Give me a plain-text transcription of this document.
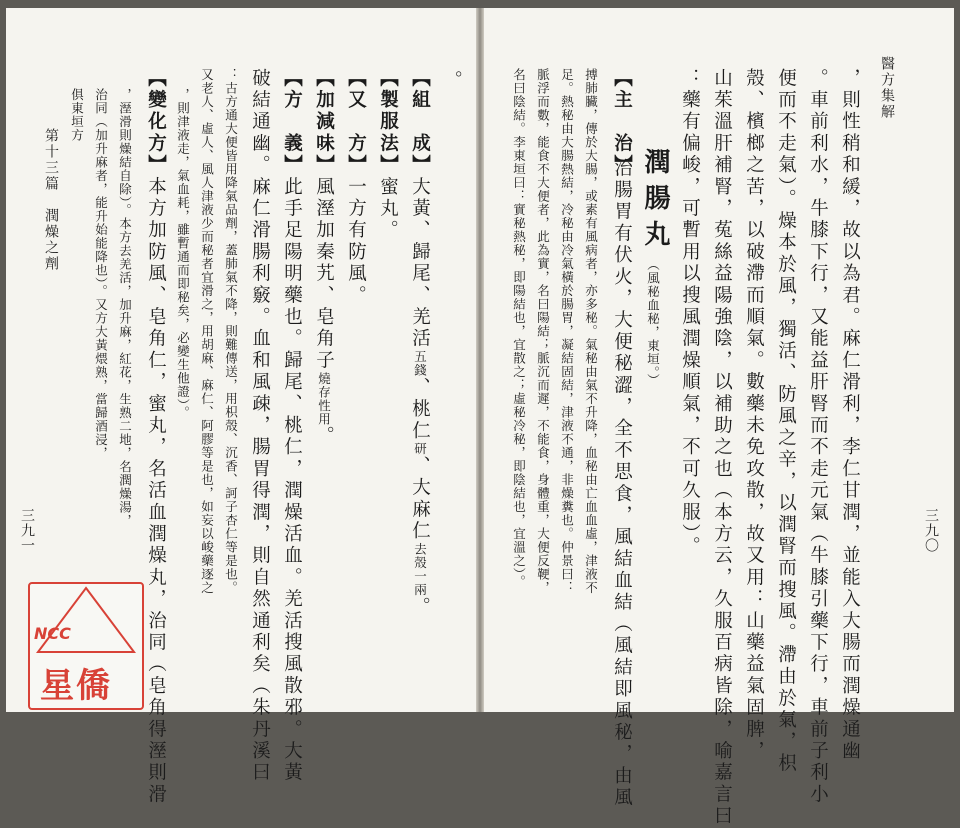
醫方集解
三九〇
，則性稍和緩，故以為君。麻仁滑利，李仁甘潤，並能入大腸而潤燥通幽
。車前利水，牛膝下行，又能益肝腎而不走元氣（牛膝引藥下行，車前子利小
便而不走氣）。燥本於風，獨活、防風之辛，以潤腎而搜風。滯由於氣，枳
殼、檳榔之苦，以破滯而順氣。數藥未免攻散，故又用：山藥益氣固脾，
山茱溫肝補腎，菟絲益陽強陰，以補助之也（本方云，久服百病皆除，喻嘉言曰
：藥有偏峻，可暫用以搜風潤燥順氣，不可久服）。
潤腸丸
（風秘血秘，東垣。）
【主　治】
治腸胃有伏火，大便秘澀，全不思食，風結血結（風結即風秘，由風
搏肺臟，傳於大腸，或素有風病者，亦多秘。氣秘由氣不升降，血秘由亡血血虛，津液不
足。熱秘由大腸熱結，冷秘由冷氣橫於腸胃，凝結固結，津液不通，非燥糞也。仲景曰：
脈浮而數，能食不大便者，此為實，名曰陽結；脈沉而遲，不能食，身體重，大便反鞕，
名曰陰結。李東垣曰：實秘熱秘，即陽結也，宜散之；虛秘冷秘，即陰結也，宜溫之）。
。
【組　成】大黃、歸尾、羌活五錢、桃仁研、大麻仁去殼一兩。
【製服法】蜜丸。
【又　方】一方有防風。
【加減味】風溼加秦艽、皂角子燒存性用。
【方　義】此手足陽明藥也。歸尾、桃仁，潤燥活血。羌活搜風散邪。大黃
破結通幽。麻仁滑腸利竅。血和風疎，腸胃得潤，則自然通利矣（朱丹溪曰
：古方通大便皆用降氣品劑，蓋肺氣不降，則難傳送，用枳殼、沉香、訶子杏仁等是也。
又老人、虛人、風人津液少而秘者宜滑之，用胡麻、麻仁、阿膠等是也，如妄以峻藥逐之
，則津液走，氣血耗，雖暫通而即秘矣，必變生他證）。
【變化方】本方加防風、皂角仁，蜜丸，名活血潤燥丸，治同（皂角得溼則滑
，溼滑則燥結自除）。本方去羌活，加升麻，紅花，生熟二地，名潤燥湯，
治同（加升麻者，能升始能降也）。又方大黃煨熟，當歸酒浸，
俱東垣方
第十三篇　潤燥之劑
三九一
NCC
星僑
